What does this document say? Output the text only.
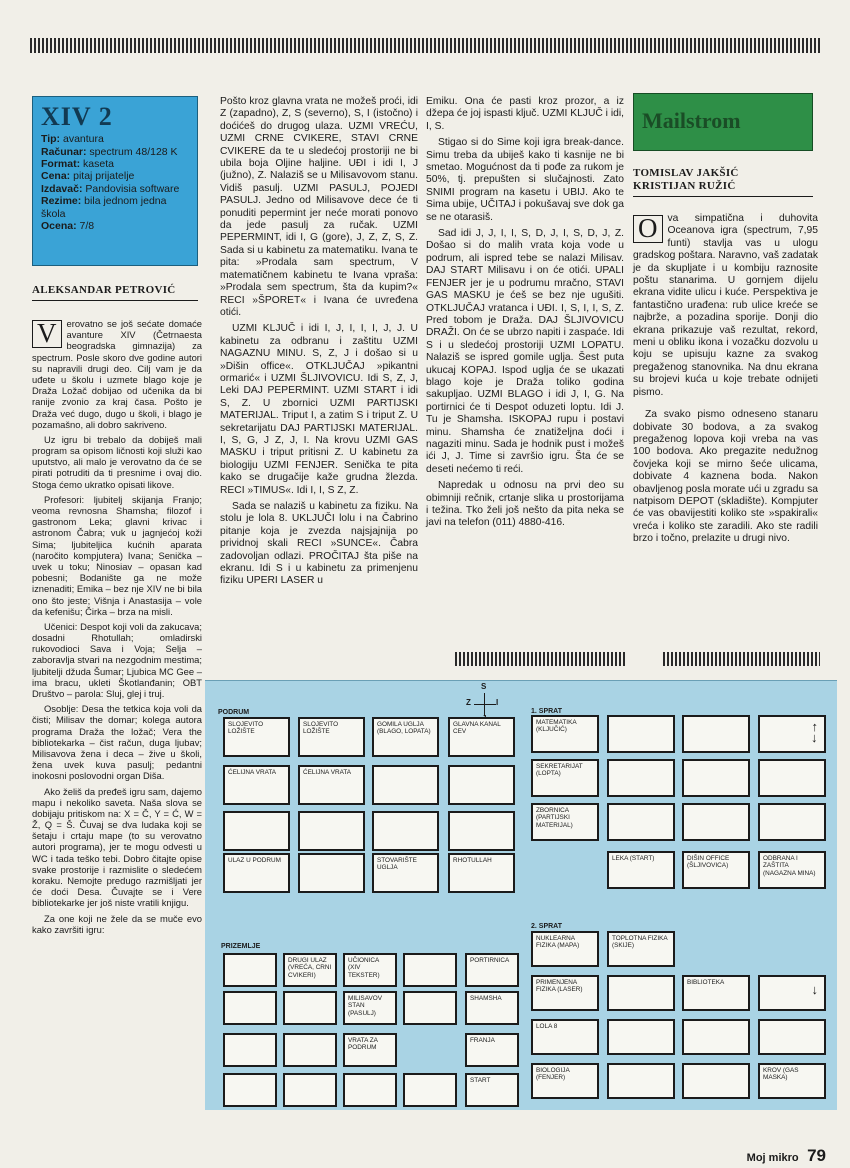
XIV 2
Tip: avantura
Računar: spectrum 48/128 K
Format: kaseta
Cena: pitaj prijatelje
Izdavač: Pandovisia software
Rezime: bila jednom jedna škola
Ocena: 7/8
ALEKSANDAR PETROVIĆ

V	erovatno se još sećate domaće avanture XIV (Četrnaesta beogradska gimnazija) za spectrum. Posle skoro dve godine autori su napravili drugi deo. Cilj vam je da uđete u školu i uzmete blago koje je Draža Ložač dobijao od učenika da bi ranije zvonio za kraj časa. Pošto je Draža već dugo, dugo u školi, i blago je pozamašno, ali dobro sakriveno.

Uz igru bi trebalo da dobiješ mali program sa opisom ličnosti koji služi kao uputstvo, ali malo je verovatno da će se pirati potruditi da ti presnime i ovaj dio. Stoga ćemo ukratko opisati likove.

Profesori: ljubitelj skijanja Franjo; veoma revnosna Shamsha; filozof i gastronom Leka; glavni krivac i astronom Čabra; vuk u jagnjećoj koži Sima; ljubiteljica kućnih aparata (naročito kompjutera) Ivana; Senička – uvek u toku; Ninosiav – opasan kad pobesni; Bodanište ga ne može iznenaditi; Emika – bez nje XIV ne bi bila ono što jeste; Višnja i Anastasija – vole da kefenišu; Čirka – brza na misli.

Učenici: Despot koji voli da zakucava; dosadni Rhotullah; omladirski rukovodioci Sava i Voja; Selja – zaboravlja stvari na nezgodnim mestima; ljubitelji džuda Šumar; Ljubica MC Gee – ima bracu, ukleti Škotlanđanin; OBT Društvo – parola: Sluj, glej i truj.

Osoblje: Desa the tetkica koja voli da čisti; Milisav the domar; kolega autora programa Draža the ložač; Vera the bibliotekarka – čist račun, duga ljubav; Milisavova žena i deca – žive u školi, žena uvek kuva pasulj; pedantni inokosni poslovodni organ Diša.

Ako želiš da pređeš igru sam, dajemo mapu i nekoliko saveta. Naša slova se dobijaju pritiskom na: X = Č, Y = Ć, W = Ž, Q = Š. Čuvaj se dva ludaka koji se šetaju i crtaju mape (to su verovatno autori programa), jer te mogu odvesti u WC i tada teško tebi. Dobro čitajte opise svake prostorije i razmislite o sledećem koraku. Nemojte predugo razmišljati jer će doći Desa. Čuvajte se i Vere bibliotekarke jer još niste vratili knjigu.

Za one koji ne žele da se muče evo kako završiti igru:

Pošto kroz glavna vrata ne možeš proći, idi Z (zapadno), Z, S (severno), S, I (istočno) i doćićeš do drugog ulaza. UZMI VREĆU, UZMI CRNE CVIKERE, STAVI CRNE CVIKERE da te u sledećoj prostoriji ne bi ubila boja Oljine haljine. UĐI i idi I, J (južno), Z. Nalaziš se u Milisavovom stanu. Vidiš pasulj. UZMI PASULJ, POJEDI PASULJ. Jedno od Milisavove dece će ti ponuditi pepermint jer neće morati ponovo da jede pasulj za ručak. UZMI PEPERMINT, idi I, G (gore), J, Z, Z, S, Z. Sada si u kabinetu za matematiku. Ivana te pita: »Prodala sam spectrum, V matematičnem kabinetu te Ivana vpraša: »Prodala sem spectrum, šta da kupim?« RECI »ŠPORET« i Ivana će uvređena otići.

UZMI KLJUČ i idi I, J, I, I, I, J, J. U kabinetu za odbranu i zaštitu UZMI NAGAZNU MINU. S, Z, J i došao si u »Dišin office«. OTKLJUČAJ »pikantni ormarić« i UZMI ŠLJIVOVICU. Idi S, Z, J, Leki DAJ PEPERMINT. UZMI START i idi S, Z. U zbornici UZMI PARTIJSKI MATERIJAL. Triput I, a zatim S i triput Z. U sekretarijatu DAJ PARTIJSKI MATERIJAL. I, S, G, J Z, J, I. Na krovu UZMI GAS MASKU i triput pritisni Z. U kabinetu za biologiju UZMI FENJER. Senička te pita kako se drugačije kaže grudna žlezda. RECI »TIMUS«. Idi I, I, S Z, Z.

Sada se nalaziš u kabinetu za fiziku. Na stolu je lola 8. UKLJUČI lolu i na Čabrino pitanje koja je zvezda najsjajnija po prividnoj skali RECI »SUNCE«. Čabra zadovoljan odlazi. PROČITAJ šta piše na ekranu. Idi S i u kabinetu za primenjenu fiziku UPERI LASER u

Emiku. Ona će pasti kroz prozor, a iz džepa će joj ispasti ključ. UZMI KLJUČ i idi, I, S.

Stigao si do Sime koji igra break-dance. Simu treba da ubiješ kako ti kasnije ne bi smetao. Mogućnost da ti pođe za rukom je 50%, tj. prepušten si slučajnosti. Zato SNIMI program na kasetu i UBIJ. Ako te Sima ubije, UČITAJ i pokušavaj sve dok ga se ne otarasiš.

Sad idi J, J, I, I, S, D, J, I, S, D, J, Z. Došao si do malih vrata koja vode u podrum, ali ispred tebe se nalazi Milisav. DAJ START Milisavu i on će otići. UPALI FENJER jer je u podrumu mračno, STAVI GAS MASKU je ćeš se bez nje ugušiti. OTKLJUČAJ vratanca i UĐI. I, S, I, I, S, Z. Pred tobom je Draža. DAJ ŠLJIVOVICU DRAŽI. On će se ubrzo napiti i zaspaće. Idi S i u sledećoj prostoriji UZMI LOPATU. Nalaziš se ispred gomile uglja. Šest puta ukucaj KOPAJ. Ispod uglja će se ukazati blago koje je Draža toliko godina sakupljao. UZMI BLAGO i idi J, I, G. Na portirnici će ti Despot oduzeti loptu. Idi J. Tu je Shamsha. ISKOPAJ rupu i postavi minu. Shamsha će znatiželjna doći i nagaziti minu. Sada je hodnik pust i možeš ići J, J. Time si završio igru. Šta će se deseti nećemo ti reći.

Napredak u odnosu na prvi deo su obimniji rečnik, crtanje slika u prostorijama i težina. Tko želi još nešto da pita neka se javi na telefon (011) 4880-416.

Mailstrom
TOMISLAV JAKŠIĆ
KRISTIJAN RUŽIĆ

O va simpatična i duhovita Oceanova igra (spectrum, 7,95 funti) stavlja vas u ulogu gradskog poštara. Naravno, vaš zadatak je da skupljate i u kombiju raznosite poštu stanarima. U gornjem dijelu ekrana vidite ulicu i kuće. Perspektiva je fantastično urađena: rub ulice kreće se najbrže, a pozadina sporije. Donji dio ekrana prikazuje vaš rezultat, rekord, meni u obliku ikona i vozačku dozvolu u koju se upisuju kazne za svakog pregaženog stanovnika. Na dnu ekrana su brojevi kuća u koje trebate odnijeti pismo.

Za svako pismo odneseno stanaru dobivate 30 bodova, a za svakog pregaženog lopova koji vreba na vas 100 bodova. Ako pregazite nedužnog čovjeka koji se mirno šeće ulicama, dobivate 4 kaznena boda. Nakon obavljenog posla morate ući u zgradu sa natpisom DEPOT (skladište). Kompjuter će vas obavijestiti koliko ste »spakirali« vreća i koliko ste zaradili. Ako ste radili brzo i točno, prelazite u drugi nivo.

PODRUM	1. SPRAT
2. SPRAT
PRIZEMLJE
S
Z	I
SLOJEVITO LOŽIŠTE
SLOJEVITO LOŽIŠTE
GOMILA UGLJA (BLAGO, LOPATA)
GLAVNA KANAL CEV
ĆELIJNA VRATA	ĆELIJNA VRATA
ULAZ U PODRUM	STOVARIŠTE UGLJA
RHOTULLAH
MATEMATIKA (KLJUČIĆ)	↑
SEKRETARIJAT (LOPTA)
ZBORNICA (PARTIJSKI MATERIJAL)
LEKA (START)	DIŠIN OFFICE (ŠLJIVOVICA)
ODBRANA I ZAŠTITA (NAGAZNA MINA)
↓
DRUGI ULAZ (VREĆA, CRNI CVIKERI)
UČIONICA (XIV TEKSTER)
PORTIRNICA
MILISAVOV STAN (PASULJ)
SHAMSHA
VRATA ZA PODRUM
FRANJA
START
NUKLEARNA FIZIKA (MAPA)
TOPLOTNA FIZIKA (SKIJE)
PRIMENJENA FIZIKA (LASER)
BIBLIOTEKA	↓
LOLA 8
BIOLOGIJA (FENJER)
KROV (GAS MASKA)
Moj mikro 79
